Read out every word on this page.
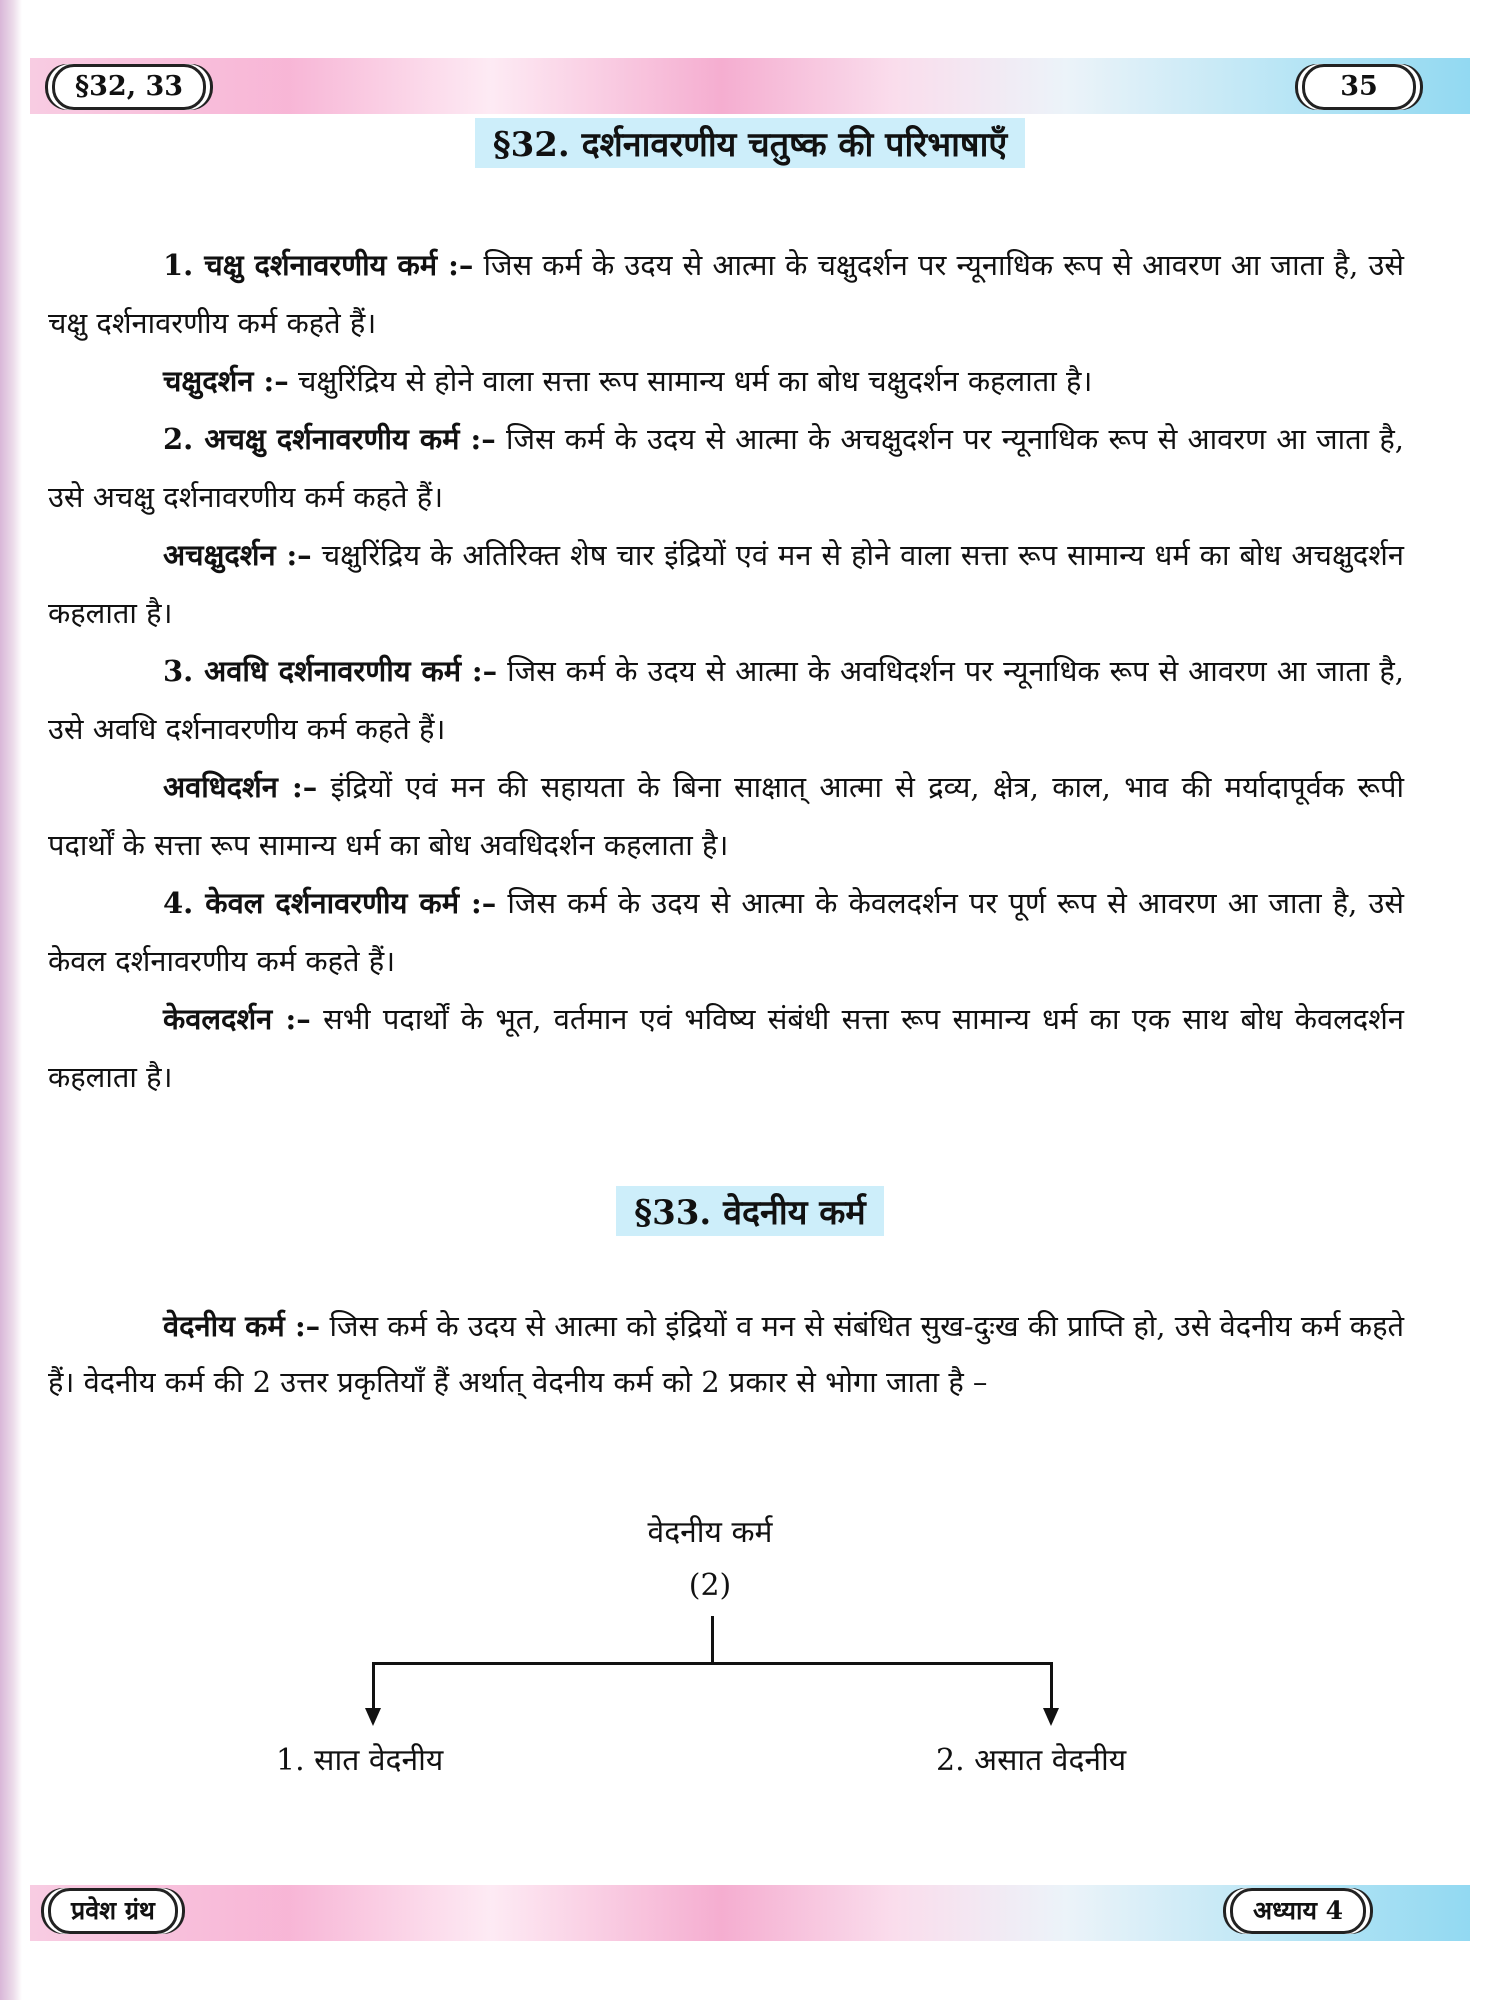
§32, 33	35
§32. दर्शनावरणीय चतुष्क की परिभाषाएँ

1. चक्षु दर्शनावरणीय कर्म :– जिस कर्म के उदय से आत्मा के चक्षुदर्शन पर न्यूनाधिक रूप से आवरण आ जाता है, उसे चक्षु दर्शनावरणीय कर्म कहते हैं।

चक्षुदर्शन :– चक्षुरिंद्रिय से होने वाला सत्ता रूप सामान्य धर्म का बोध चक्षुदर्शन कहलाता है।

2. अचक्षु दर्शनावरणीय कर्म :– जिस कर्म के उदय से आत्मा के अचक्षुदर्शन पर न्यूनाधिक रूप से आवरण आ जाता है, उसे अचक्षु दर्शनावरणीय कर्म कहते हैं।

अचक्षुदर्शन :– चक्षुरिंद्रिय के अतिरिक्त शेष चार इंद्रियों एवं मन से होने वाला सत्ता रूप सामान्य धर्म का बोध अचक्षुदर्शन कहलाता है।

3. अवधि दर्शनावरणीय कर्म :– जिस कर्म के उदय से आत्मा के अवधिदर्शन पर न्यूनाधिक रूप से आवरण आ जाता है, उसे अवधि दर्शनावरणीय कर्म कहते हैं।

अवधिदर्शन :– इंद्रियों एवं मन की सहायता के बिना साक्षात् आत्मा से द्रव्य, क्षेत्र, काल, भाव की मर्यादापूर्वक रूपी पदार्थों के सत्ता रूप सामान्य धर्म का बोध अवधिदर्शन कहलाता है।

4. केवल दर्शनावरणीय कर्म :– जिस कर्म के उदय से आत्मा के केवलदर्शन पर पूर्ण रूप से आवरण आ जाता है, उसे केवल दर्शनावरणीय कर्म कहते हैं।

केवलदर्शन :– सभी पदार्थों के भूत, वर्तमान एवं भविष्य संबंधी सत्ता रूप सामान्य धर्म का एक साथ बोध केवलदर्शन कहलाता है।

§33. वेदनीय कर्म
वेदनीय कर्म :– जिस कर्म के उदय से आत्मा को इंद्रियों व मन से संबंधित सुख-दुःख की प्राप्ति हो, उसे वेदनीय कर्म कहते हैं। वेदनीय कर्म की 2 उत्तर प्रकृतियाँ हैं अर्थात् वेदनीय कर्म को 2 प्रकार से भोगा जाता है –
वेदनीय कर्म
(2)
1. सात वेदनीय	2. असात वेदनीय
प्रवेश ग्रंथ	अध्याय 4
